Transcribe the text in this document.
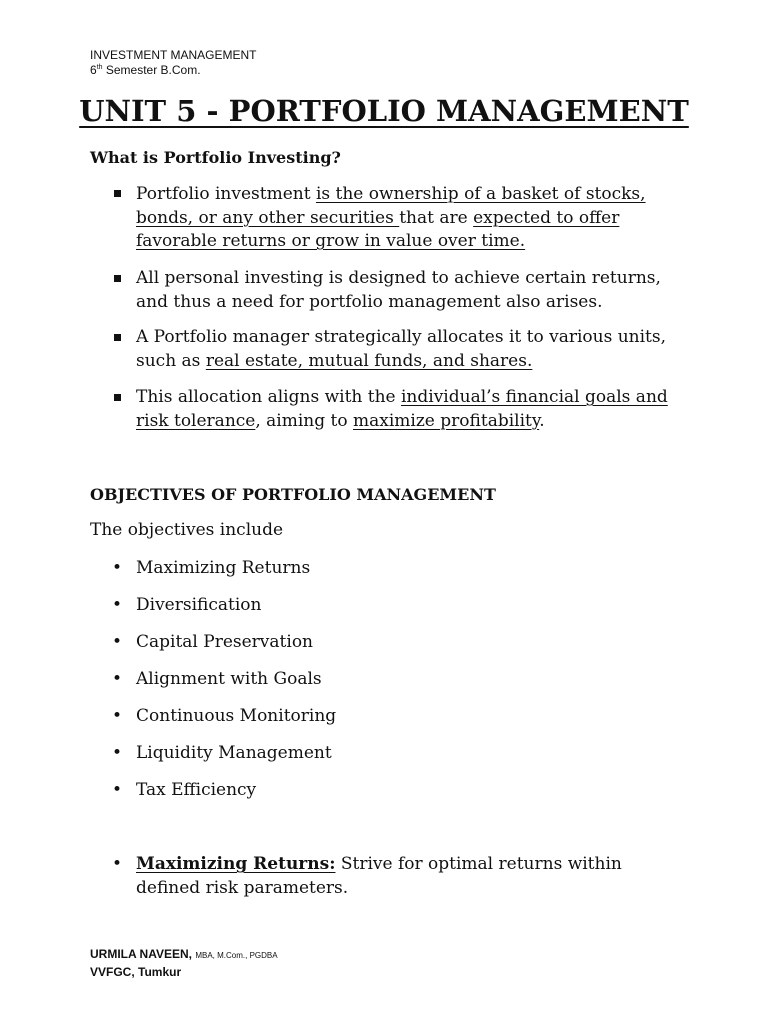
INVESTMENT MANAGEMENT
6th Semester B.Com.
UNIT 5 - PORTFOLIO MANAGEMENT
What is Portfolio Investing?
Portfolio investment is the ownership of a basket of stocks, bonds, or any other securities that are expected to offer favorable returns or grow in value over time.
All personal investing is designed to achieve certain returns, and thus a need for portfolio management also arises.
A Portfolio manager strategically allocates it to various units, such as real estate, mutual funds, and shares.
This allocation aligns with the individual’s financial goals and risk tolerance, aiming to maximize profitability.
OBJECTIVES OF PORTFOLIO MANAGEMENT
The objectives include
• Maximizing Returns
• Diversification
• Capital Preservation
• Alignment with Goals
• Continuous Monitoring
• Liquidity Management
• Tax Efficiency
• Maximizing Returns: Strive for optimal returns within defined risk parameters.
URMILA NAVEEN, MBA, M.Com., PGDBA
VVFGC, Tumkur
